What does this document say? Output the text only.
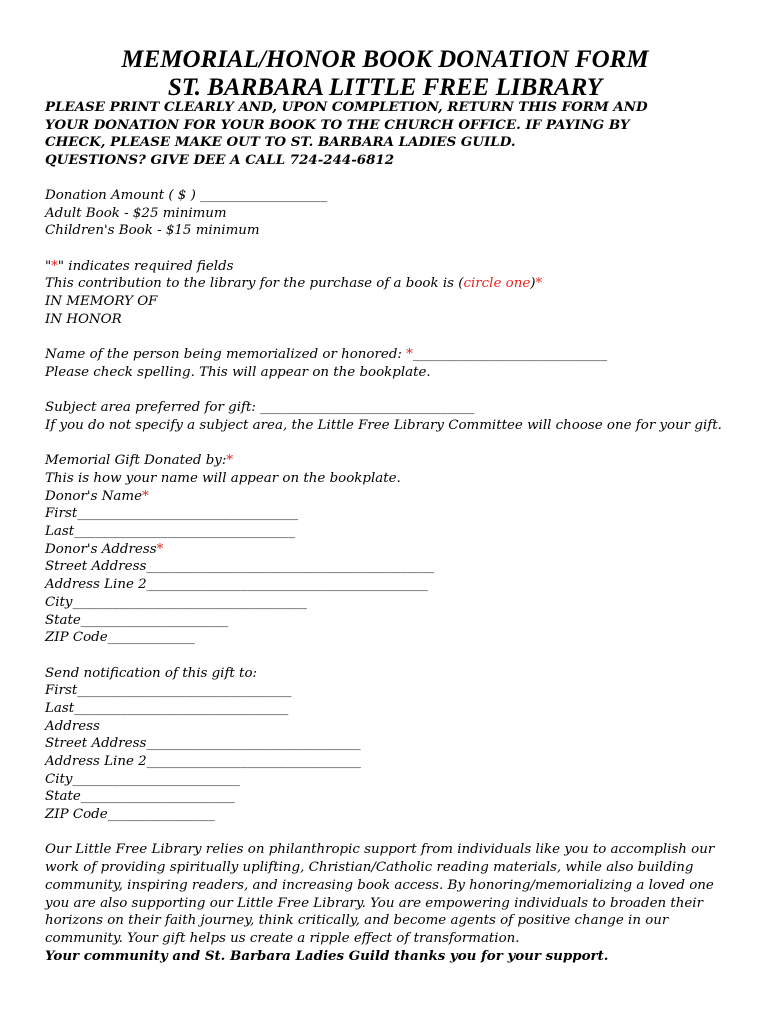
MEMORIAL/HONOR BOOK DONATION FORM
ST. BARBARA LITTLE FREE LIBRARY
PLEASE PRINT CLEARLY AND, UPON COMPLETION, RETURN THIS FORM AND
YOUR DONATION FOR YOUR BOOK TO THE CHURCH OFFICE. IF PAYING BY
CHECK, PLEASE MAKE OUT TO ST. BARBARA LADIES GUILD.
QUESTIONS? GIVE DEE A CALL 724-244-6812
Donation Amount ( $ ) ___________________
Adult Book - $25 minimum
Children's Book - $15 minimum
"*" indicates required fields
This contribution to the library for the purchase of a book is (circle one)*
IN MEMORY OF
IN HONOR
Name of the person being memorialized or honored: *_____________________________
Please check spelling. This will appear on the bookplate.
Subject area preferred for gift: ________________________________
If you do not specify a subject area, the Little Free Library Committee will choose one for your gift.
Memorial Gift Donated by:*
This is how your name will appear on the bookplate.
Donor's Name*
First_________________________________
Last_________________________________
Donor's Address*
Street Address___________________________________________
Address Line 2__________________________________________
City___________________________________
State______________________
ZIP Code_____________
Send notification of this gift to:
First________________________________
Last________________________________
Address
Street Address________________________________
Address Line 2________________________________
City_________________________
State_______________________
ZIP Code________________

Our Little Free Library relies on philanthropic support from individuals like you to accomplish our work of providing spiritually uplifting, Christian/Catholic reading materials, while also building community, inspiring readers, and increasing book access. By honoring/memorializing a loved one you are also supporting our Little Free Library. You are empowering individuals to broaden their horizons on their faith journey, think critically, and become agents of positive change in our community. Your gift helps us create a ripple effect of transformation.

Your community and St. Barbara Ladies Guild thanks you for your support.
